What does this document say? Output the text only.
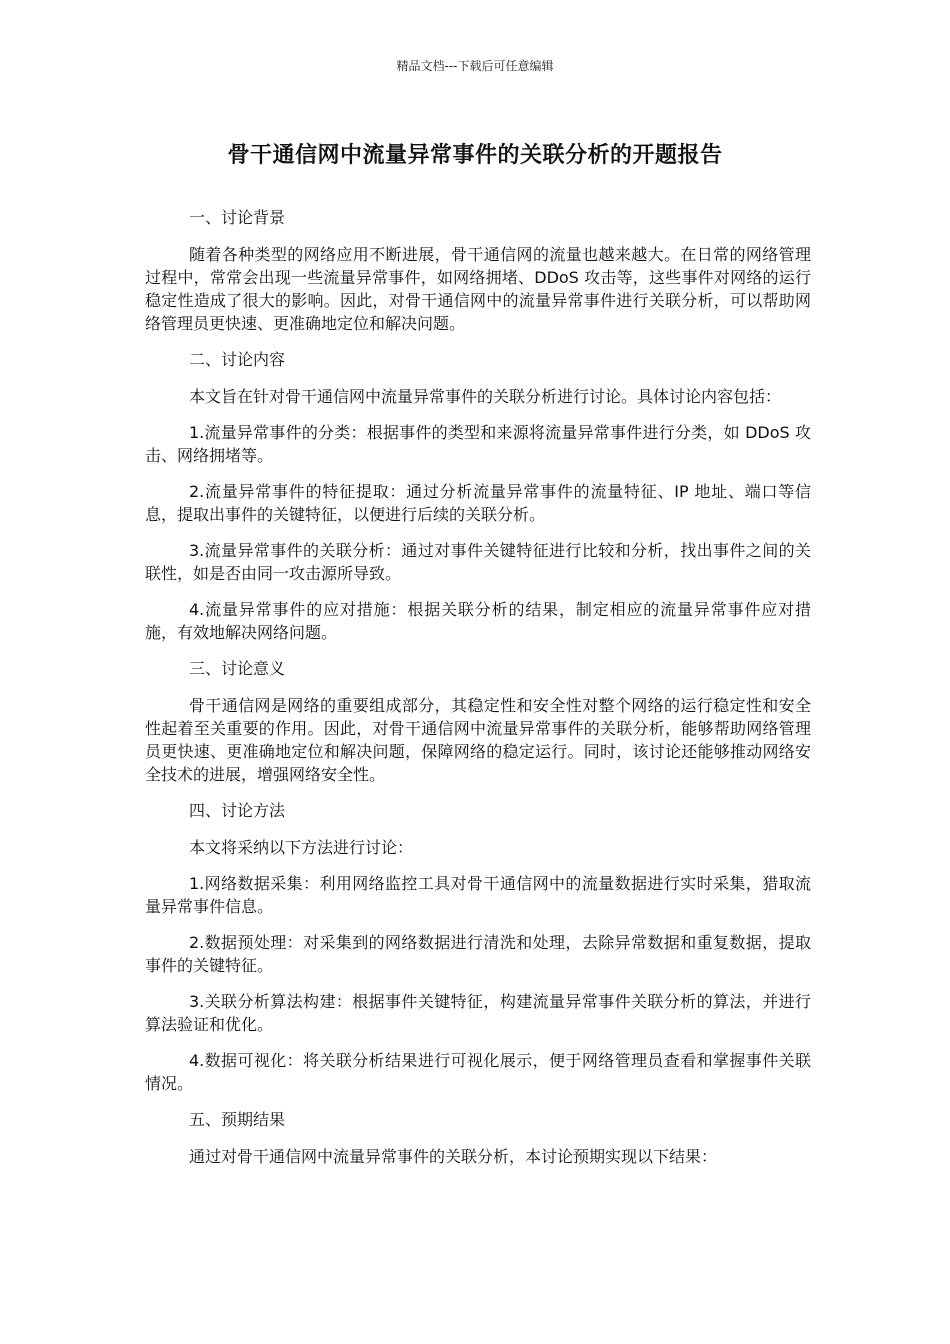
精品文档---下载后可任意编辑
骨干通信网中流量异常事件的关联分析的开题报告

一、讨论背景

随着各种类型的网络应用不断进展，骨干通信网的流量也越来越大。在日常的网络管理过程中，常常会出现一些流量异常事件，如网络拥堵、DDoS 攻击等，这些事件对网络的运行稳定性造成了很大的影响。因此，对骨干通信网中的流量异常事件进行关联分析，可以帮助网络管理员更快速、更准确地定位和解决问题。

二、讨论内容

本文旨在针对骨干通信网中流量异常事件的关联分析进行讨论。具体讨论内容包括：

1.流量异常事件的分类：根据事件的类型和来源将流量异常事件进行分类，如 DDoS 攻击、网络拥堵等。

2.流量异常事件的特征提取：通过分析流量异常事件的流量特征、IP 地址、端口等信息，提取出事件的关键特征，以便进行后续的关联分析。

3.流量异常事件的关联分析：通过对事件关键特征进行比较和分析，找出事件之间的关联性，如是否由同一攻击源所导致。

4.流量异常事件的应对措施：根据关联分析的结果，制定相应的流量异常事件应对措施，有效地解决网络问题。

三、讨论意义

骨干通信网是网络的重要组成部分，其稳定性和安全性对整个网络的运行稳定性和安全性起着至关重要的作用。因此，对骨干通信网中流量异常事件的关联分析，能够帮助网络管理员更快速、更准确地定位和解决问题，保障网络的稳定运行。同时，该讨论还能够推动网络安全技术的进展，增强网络安全性。

四、讨论方法

本文将采纳以下方法进行讨论：

1.网络数据采集：利用网络监控工具对骨干通信网中的流量数据进行实时采集，猎取流量异常事件信息。

2.数据预处理：对采集到的网络数据进行清洗和处理，去除异常数据和重复数据，提取事件的关键特征。

3.关联分析算法构建：根据事件关键特征，构建流量异常事件关联分析的算法，并进行算法验证和优化。

4.数据可视化：将关联分析结果进行可视化展示，便于网络管理员查看和掌握事件关联情况。

五、预期结果

通过对骨干通信网中流量异常事件的关联分析，本讨论预期实现以下结果：
